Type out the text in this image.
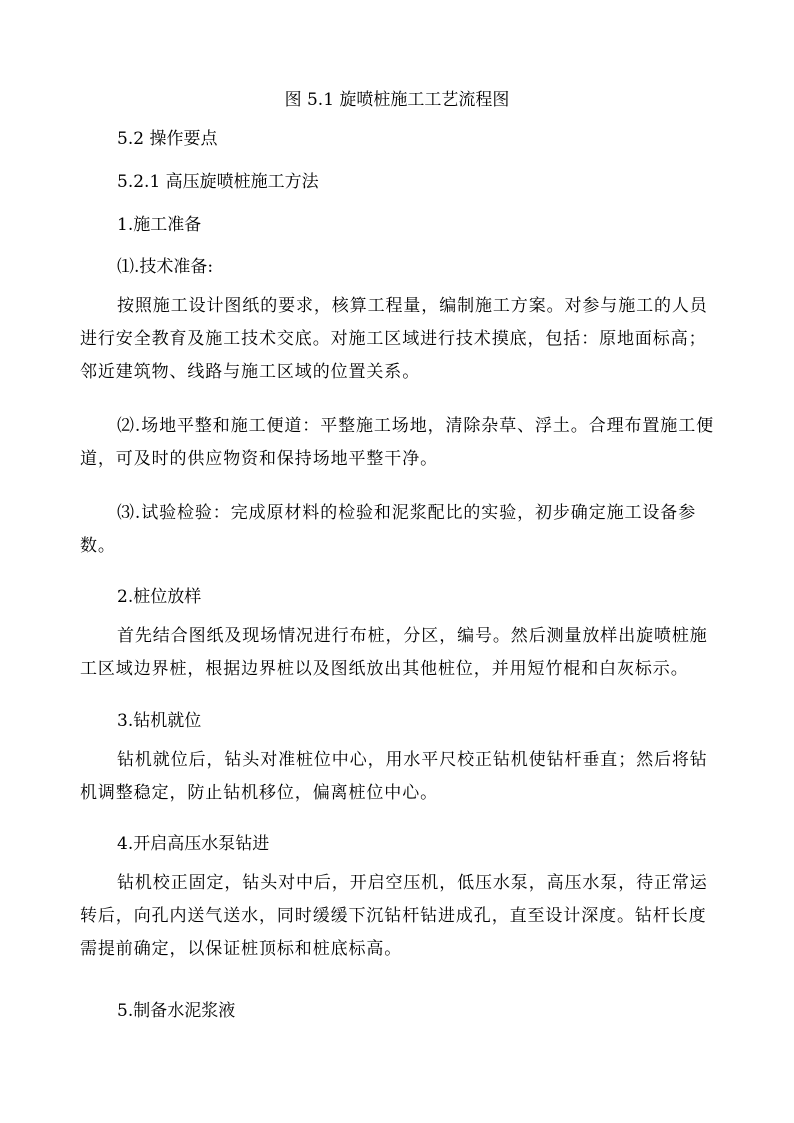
图 5.1 旋喷桩施工工艺流程图
5.2 操作要点
5.2.1 高压旋喷桩施工方法
1.施工准备
⑴.技术准备:
按照施工设计图纸的要求，核算工程量，编制施工方案。对参与施工的人员进行安全教育及施工技术交底。对施工区域进行技术摸底，包括：原地面标高；邻近建筑物、线路与施工区域的位置关系。
⑵.场地平整和施工便道：平整施工场地，清除杂草、浮土。合理布置施工便道，可及时的供应物资和保持场地平整干净。
⑶.试验检验：完成原材料的检验和泥浆配比的实验，初步确定施工设备参数。
2.桩位放样
首先结合图纸及现场情况进行布桩，分区，编号。然后测量放样出旋喷桩施工区域边界桩，根据边界桩以及图纸放出其他桩位，并用短竹棍和白灰标示。
3.钻机就位
钻机就位后，钻头对准桩位中心，用水平尺校正钻机使钻杆垂直；然后将钻机调整稳定，防止钻机移位，偏离桩位中心。
4.开启高压水泵钻进
钻机校正固定，钻头对中后，开启空压机，低压水泵，高压水泵，待正常运转后，向孔内送气送水，同时缓缓下沉钻杆钻进成孔，直至设计深度。钻杆长度需提前确定，以保证桩顶标和桩底标高。
5.制备水泥浆液
